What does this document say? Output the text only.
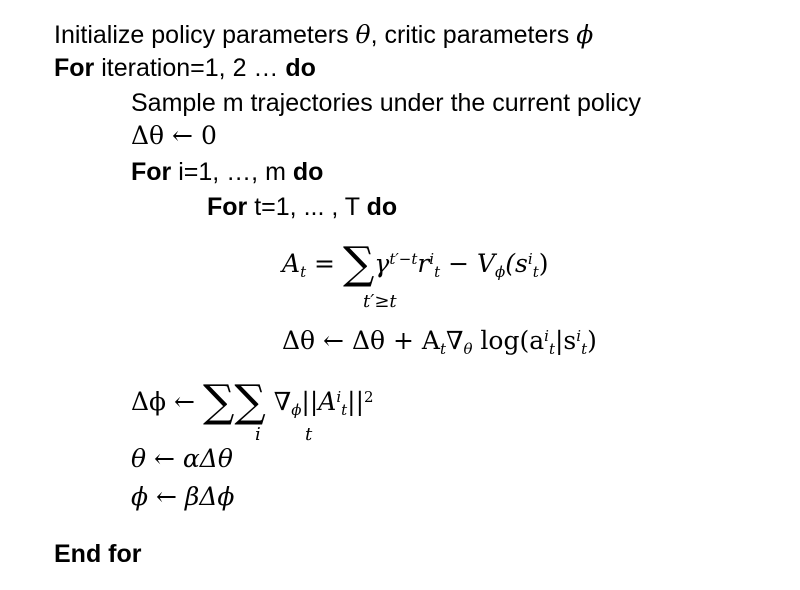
Initialize policy parameters θ, critic parameters ϕ
For iteration=1, 2 … do
Sample m trajectories under the current policy
Δθ ← 0
For i=1, …, m do
For t=1, ... , T do
$A_t = \sum\gamma^{t'-t}r^i_t - V_\phi(s^i_t)$
t′≥t
Δθ ← $\Delta\theta + A_t\nabla_\theta$ $\log(a^i_t|s^i_t)$
Δϕ ← ∑∑ $\nabla_\phi||A^i_t||^2$
i t
θ ← αΔθ
ϕ ← βΔϕ
End for
